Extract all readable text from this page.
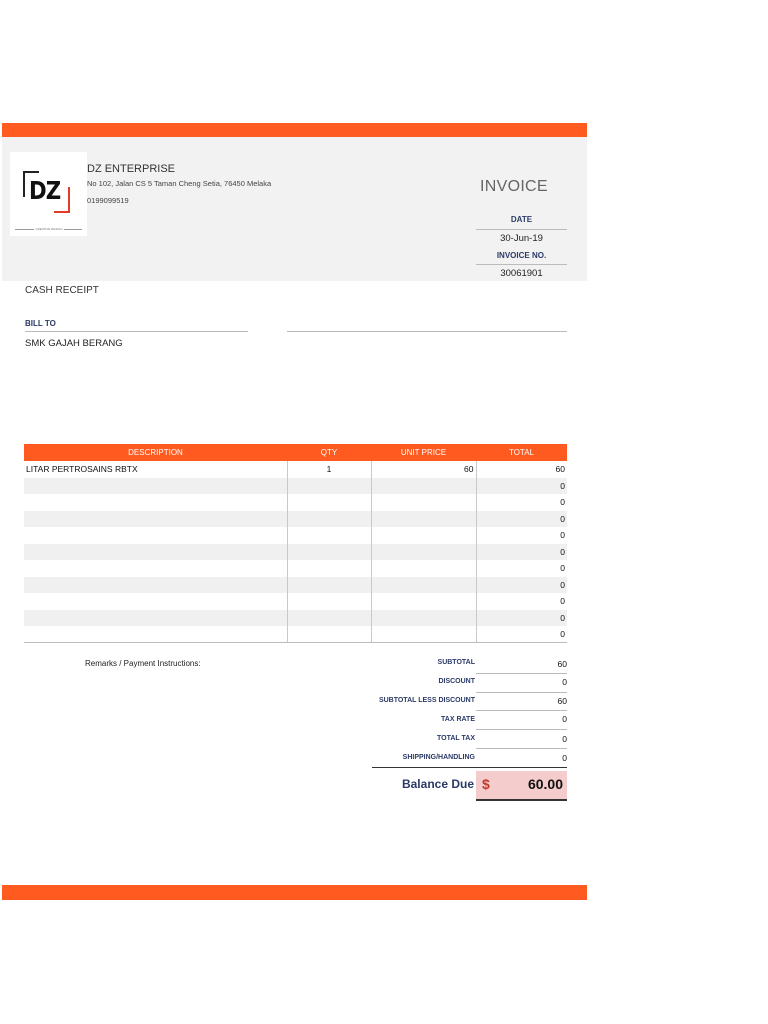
DZ
CREATIVE DESIGN
DZ ENTERPRISE
No 102, Jalan CS 5 Taman Cheng Setia, 76450 Melaka
0199099519
INVOICE
DATE
30-Jun-19
INVOICE NO.
30061901
CASH RECEIPT
BILL TO
SMK GAJAH BERANG
DESCRIPTION	QTY	UNIT PRICE	TOTAL
LITAR PERTROSAINS RBTX	1	60	60
			0
			0
			0
			0
			0
			0
			0
			0
			0
			0
Remarks / Payment Instructions:	SUBTOTAL	60
DISCOUNT	0
SUBTOTAL LESS DISCOUNT	60
TAX RATE	0
TOTAL TAX	0
SHIPPING/HANDLING	0
Balance Due $	60.00
